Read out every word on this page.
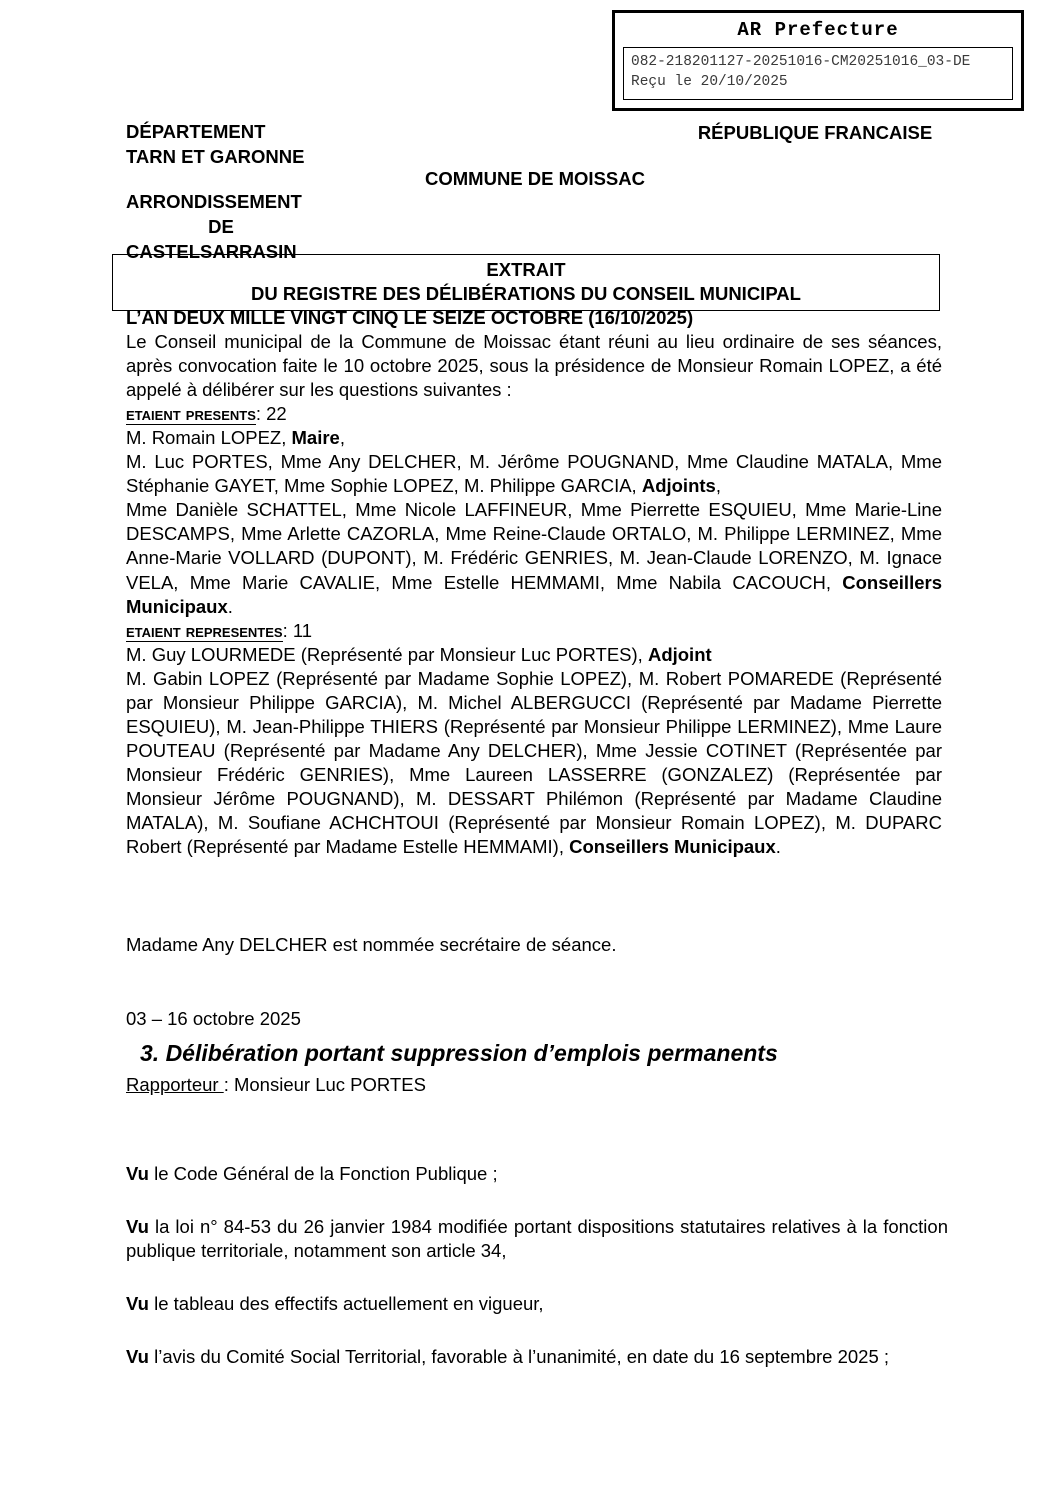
AR Prefecture
082-218201127-20251016-CM20251016_03-DE
Reçu le 20/10/2025
DÉPARTEMENT
TARN ET GARONNE
ARRONDISSEMENT
DE
CASTELSARRASIN
RÉPUBLIQUE FRANCAISE
COMMUNE DE MOISSAC
EXTRAIT
DU REGISTRE DES DÉLIBÉRATIONS DU CONSEIL MUNICIPAL

L’AN DEUX MILLE VINGT CINQ LE SEIZE OCTOBRE (16/10/2025)

Le Conseil municipal de la Commune de Moissac étant réuni au lieu ordinaire de ses séances, après convocation faite le 10 octobre 2025, sous la présidence de Monsieur Romain LOPEZ, a été appelé à délibérer sur les questions suivantes :

etaient presents: 22

M. Romain LOPEZ, Maire,

M. Luc PORTES, Mme Any DELCHER, M. Jérôme POUGNAND, Mme Claudine MATALA, Mme Stéphanie GAYET, Mme Sophie LOPEZ, M. Philippe GARCIA, Adjoints,

Mme Danièle SCHATTEL, Mme Nicole LAFFINEUR, Mme Pierrette ESQUIEU, Mme Marie-Line DESCAMPS, Mme Arlette CAZORLA, Mme Reine-Claude ORTALO, M. Philippe LERMINEZ, Mme Anne-Marie VOLLARD (DUPONT), M. Frédéric GENRIES, M. Jean-Claude LORENZO, M. Ignace VELA, Mme Marie CAVALIE, Mme Estelle HEMMAMI, Mme Nabila CACOUCH, Conseillers Municipaux.

etaient representes: 11

M. Guy LOURMEDE (Représenté par Monsieur Luc PORTES), Adjoint

M. Gabin LOPEZ (Représenté par Madame Sophie LOPEZ), M. Robert POMAREDE (Représenté par Monsieur Philippe GARCIA), M. Michel ALBERGUCCI (Représenté par Madame Pierrette ESQUIEU), M. Jean-Philippe THIERS (Représenté par Monsieur Philippe LERMINEZ), Mme Laure POUTEAU (Représenté par Madame Any DELCHER), Mme Jessie COTINET (Représentée par Monsieur Frédéric GENRIES), Mme Laureen LASSERRE (GONZALEZ) (Représentée par Monsieur Jérôme POUGNAND), M. DESSART Philémon (Représenté par Madame Claudine MATALA), M. Soufiane ACHCHTOUI (Représenté par Monsieur Romain LOPEZ), M. DUPARC Robert (Représenté par Madame Estelle HEMMAMI), Conseillers Municipaux.

Madame Any DELCHER est nommée secrétaire de séance.

03 – 16 octobre 2025
3. Délibération portant suppression d’emplois permanents
Rapporteur : Monsieur Luc PORTES

Vu le Code Général de la Fonction Publique ;

Vu la loi n° 84-53 du 26 janvier 1984 modifiée portant dispositions statutaires relatives à la fonction publique territoriale, notamment son article 34,

Vu le tableau des effectifs actuellement en vigueur,

Vu l’avis du Comité Social Territorial, favorable à l’unanimité, en date du 16 septembre 2025 ;
